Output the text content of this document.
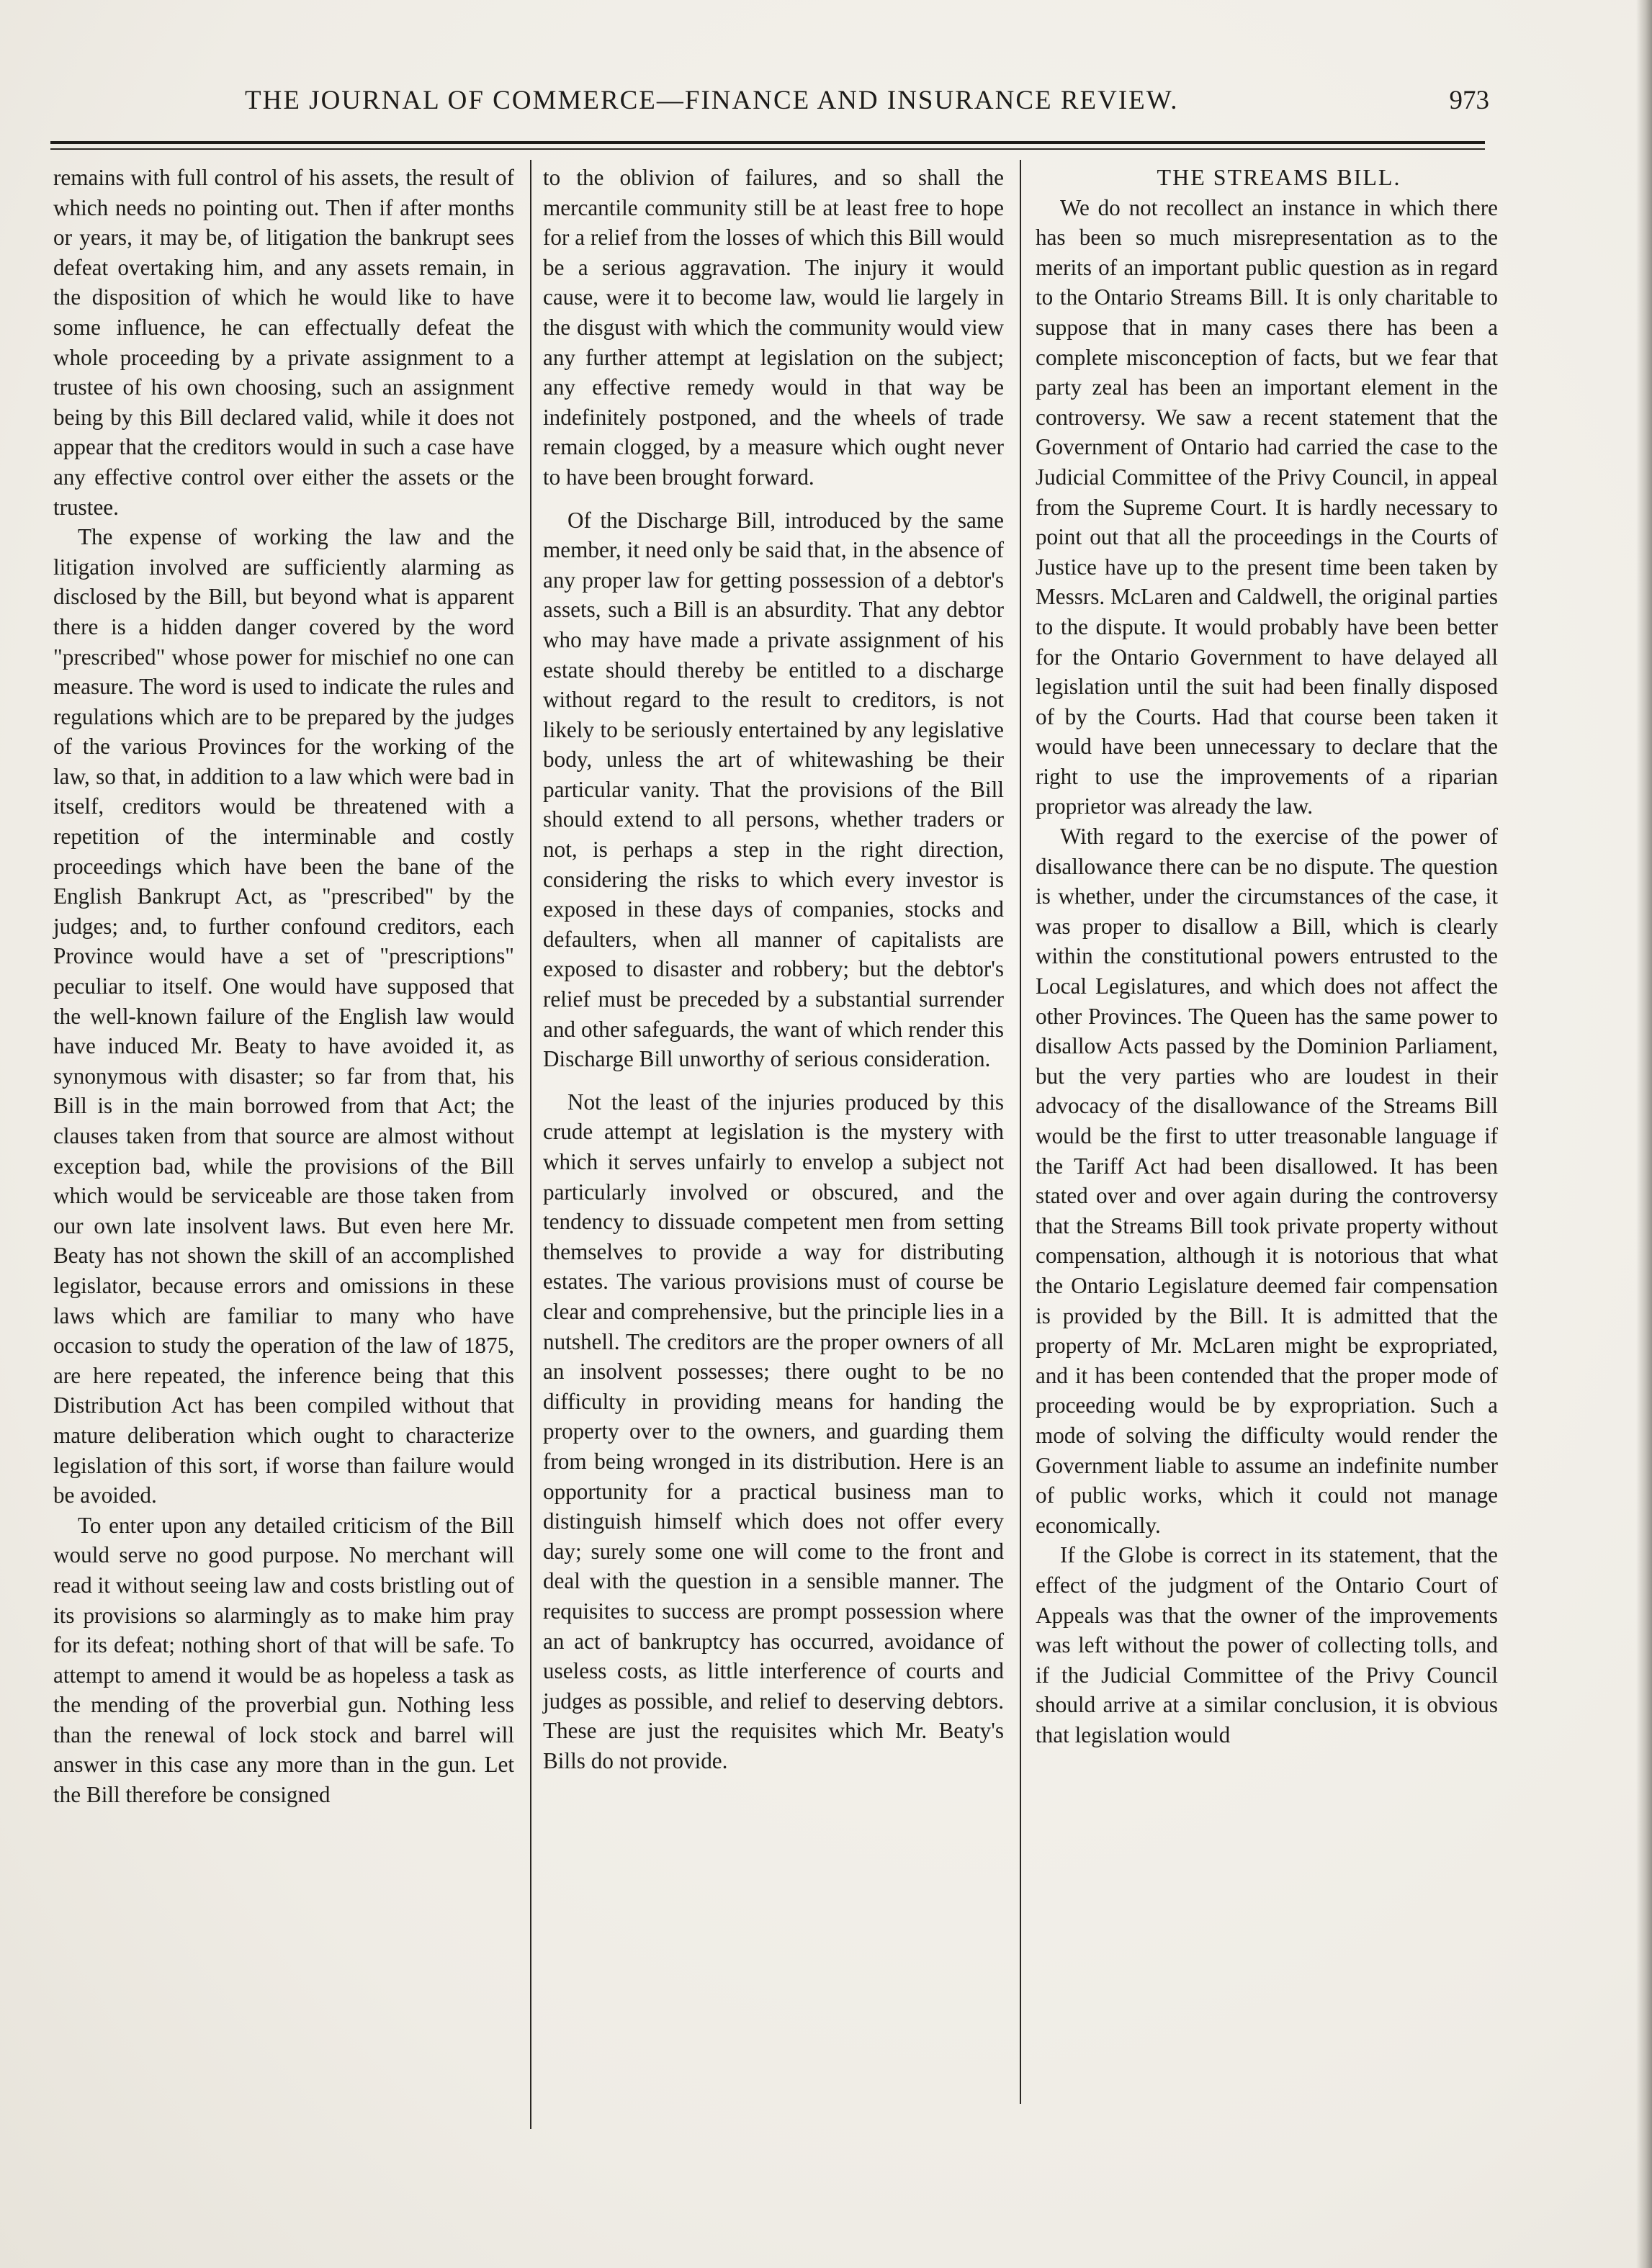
THE JOURNAL OF COMMERCE—FINANCE AND INSURANCE REVIEW.	973

remains with full control of his assets, the result of which needs no pointing out. Then if after months or years, it may be, of litigation the bankrupt sees defeat overtaking him, and any assets remain, in the disposition of which he would like to have some influence, he can effectually defeat the whole proceeding by a private assignment to a trustee of his own choosing, such an assignment being by this Bill declared valid, while it does not appear that the creditors would in such a case have any effective control over either the assets or the trustee.

The expense of working the law and the litigation involved are sufficiently alarming as disclosed by the Bill, but beyond what is apparent there is a hidden danger covered by the word "prescribed" whose power for mischief no one can measure. The word is used to indicate the rules and regulations which are to be prepared by the judges of the various Provinces for the working of the law, so that, in addition to a law which were bad in itself, creditors would be threatened with a repetition of the interminable and costly proceedings which have been the bane of the English Bankrupt Act, as "prescribed" by the judges; and, to further confound creditors, each Province would have a set of "prescriptions" peculiar to itself. One would have supposed that the well-known failure of the English law would have induced Mr. Beaty to have avoided it, as synonymous with disaster; so far from that, his Bill is in the main borrowed from that Act; the clauses taken from that source are almost without exception bad, while the provisions of the Bill which would be serviceable are those taken from our own late insolvent laws. But even here Mr. Beaty has not shown the skill of an accomplished legislator, because errors and omissions in these laws which are familiar to many who have occasion to study the operation of the law of 1875, are here repeated, the inference being that this Distribution Act has been compiled without that mature deliberation which ought to characterize legislation of this sort, if worse than failure would be avoided.

To enter upon any detailed criticism of the Bill would serve no good purpose. No merchant will read it without seeing law and costs bristling out of its provisions so alarmingly as to make him pray for its defeat; nothing short of that will be safe. To attempt to amend it would be as hopeless a task as the mending of the proverbial gun. Nothing less than the renewal of lock stock and barrel will answer in this case any more than in the gun. Let the Bill therefore be consigned

to the oblivion of failures, and so shall the mercantile community still be at least free to hope for a relief from the losses of which this Bill would be a serious aggravation. The injury it would cause, were it to become law, would lie largely in the disgust with which the community would view any further attempt at legislation on the subject; any effective remedy would in that way be indefinitely postponed, and the wheels of trade remain clogged, by a measure which ought never to have been brought forward.

Of the Discharge Bill, introduced by the same member, it need only be said that, in the absence of any proper law for getting possession of a debtor's assets, such a Bill is an absurdity. That any debtor who may have made a private assignment of his estate should thereby be entitled to a discharge without regard to the result to creditors, is not likely to be seriously entertained by any legislative body, unless the art of whitewashing be their particular vanity. That the provisions of the Bill should extend to all persons, whether traders or not, is perhaps a step in the right direction, considering the risks to which every investor is exposed in these days of companies, stocks and defaulters, when all manner of capitalists are exposed to disaster and robbery; but the debtor's relief must be preceded by a substantial surrender and other safeguards, the want of which render this Discharge Bill unworthy of serious consideration.

Not the least of the injuries produced by this crude attempt at legislation is the mystery with which it serves unfairly to envelop a subject not particularly involved or obscured, and the tendency to dissuade competent men from setting themselves to provide a way for distributing estates. The various provisions must of course be clear and comprehensive, but the principle lies in a nutshell. The creditors are the proper owners of all an insolvent possesses; there ought to be no difficulty in providing means for handing the property over to the owners, and guarding them from being wronged in its distribution. Here is an opportunity for a practical business man to distinguish himself which does not offer every day; surely some one will come to the front and deal with the question in a sensible manner. The requisites to success are prompt possession where an act of bankruptcy has occurred, avoidance of useless costs, as little interference of courts and judges as possible, and relief to deserving debtors. These are just the requisites which Mr. Beaty's Bills do not provide.

THE STREAMS BILL.

We do not recollect an instance in which there has been so much misrepresentation as to the merits of an important public question as in regard to the Ontario Streams Bill. It is only charitable to suppose that in many cases there has been a complete misconception of facts, but we fear that party zeal has been an important element in the controversy. We saw a recent statement that the Government of Ontario had carried the case to the Judicial Committee of the Privy Council, in appeal from the Supreme Court. It is hardly necessary to point out that all the proceedings in the Courts of Justice have up to the present time been taken by Messrs. McLaren and Caldwell, the original parties to the dispute. It would probably have been better for the Ontario Government to have delayed all legislation until the suit had been finally disposed of by the Courts. Had that course been taken it would have been unnecessary to declare that the right to use the improvements of a riparian proprietor was already the law.

With regard to the exercise of the power of disallowance there can be no dispute. The question is whether, under the circumstances of the case, it was proper to disallow a Bill, which is clearly within the constitutional powers entrusted to the Local Legislatures, and which does not affect the other Provinces. The Queen has the same power to disallow Acts passed by the Dominion Parliament, but the very parties who are loudest in their advocacy of the disallowance of the Streams Bill would be the first to utter treasonable language if the Tariff Act had been disallowed. It has been stated over and over again during the controversy that the Streams Bill took private property without compensation, although it is notorious that what the Ontario Legislature deemed fair compensation is provided by the Bill. It is admitted that the property of Mr. McLaren might be expropriated, and it has been contended that the proper mode of proceeding would be by expropriation. Such a mode of solving the difficulty would render the Government liable to assume an indefinite number of public works, which it could not manage economically.

If the Globe is correct in its statement, that the effect of the judgment of the Ontario Court of Appeals was that the owner of the improvements was left without the power of collecting tolls, and if the Judicial Committee of the Privy Council should arrive at a similar conclusion, it is obvious that legislation would
